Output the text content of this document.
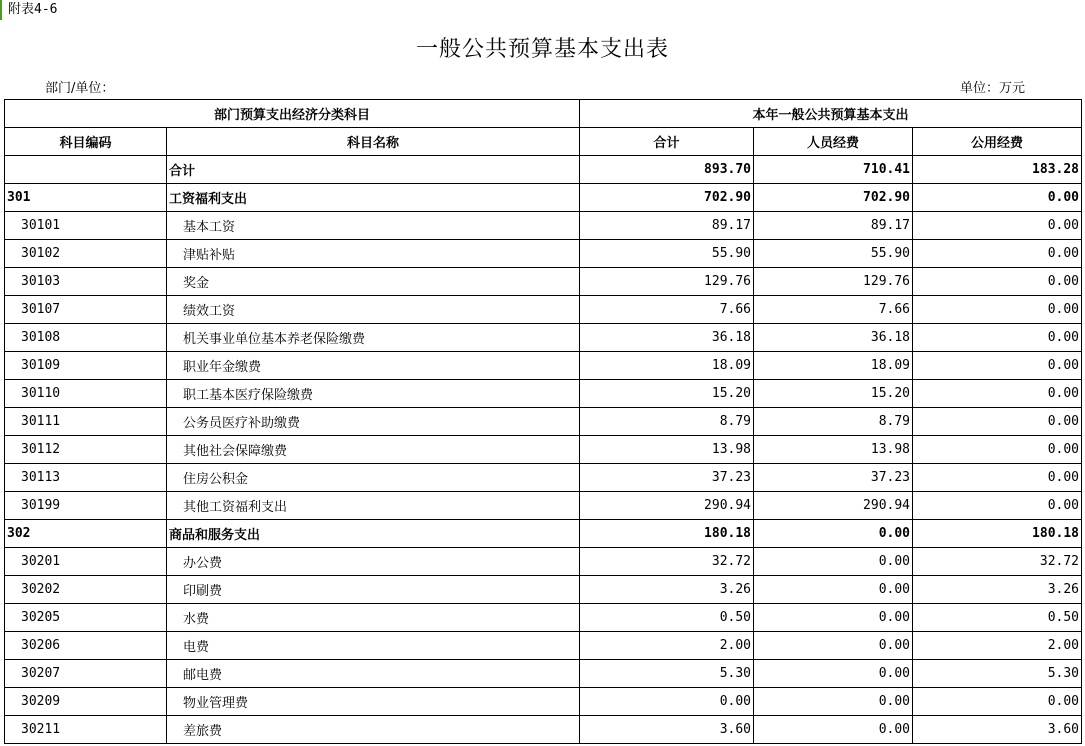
附表4-6
一般公共预算基本支出表
部门/单位：	单位：万元
部门预算支出经济分类科目		本年一般公共预算基本支出		
科目编码	科目名称	合计	人员经费	公用经费
	合计	893.70	710.41	183.28
301	工资福利支出	702.90	702.90	0.00
30101	基本工资	89.17	89.17	0.00
30102	津贴补贴	55.90	55.90	0.00
30103	奖金	129.76	129.76	0.00
30107	绩效工资	7.66	7.66	0.00
30108	机关事业单位基本养老保险缴费	36.18	36.18	0.00
30109	职业年金缴费	18.09	18.09	0.00
30110	职工基本医疗保险缴费	15.20	15.20	0.00
30111	公务员医疗补助缴费	8.79	8.79	0.00
30112	其他社会保障缴费	13.98	13.98	0.00
30113	住房公积金	37.23	37.23	0.00
30199	其他工资福利支出	290.94	290.94	0.00
302	商品和服务支出	180.18	0.00	180.18
30201	办公费	32.72	0.00	32.72
30202	印刷费	3.26	0.00	3.26
30205	水费	0.50	0.00	0.50
30206	电费	2.00	0.00	2.00
30207	邮电费	5.30	0.00	5.30
30209	物业管理费	0.00	0.00	0.00
30211	差旅费	3.60	0.00	3.60
